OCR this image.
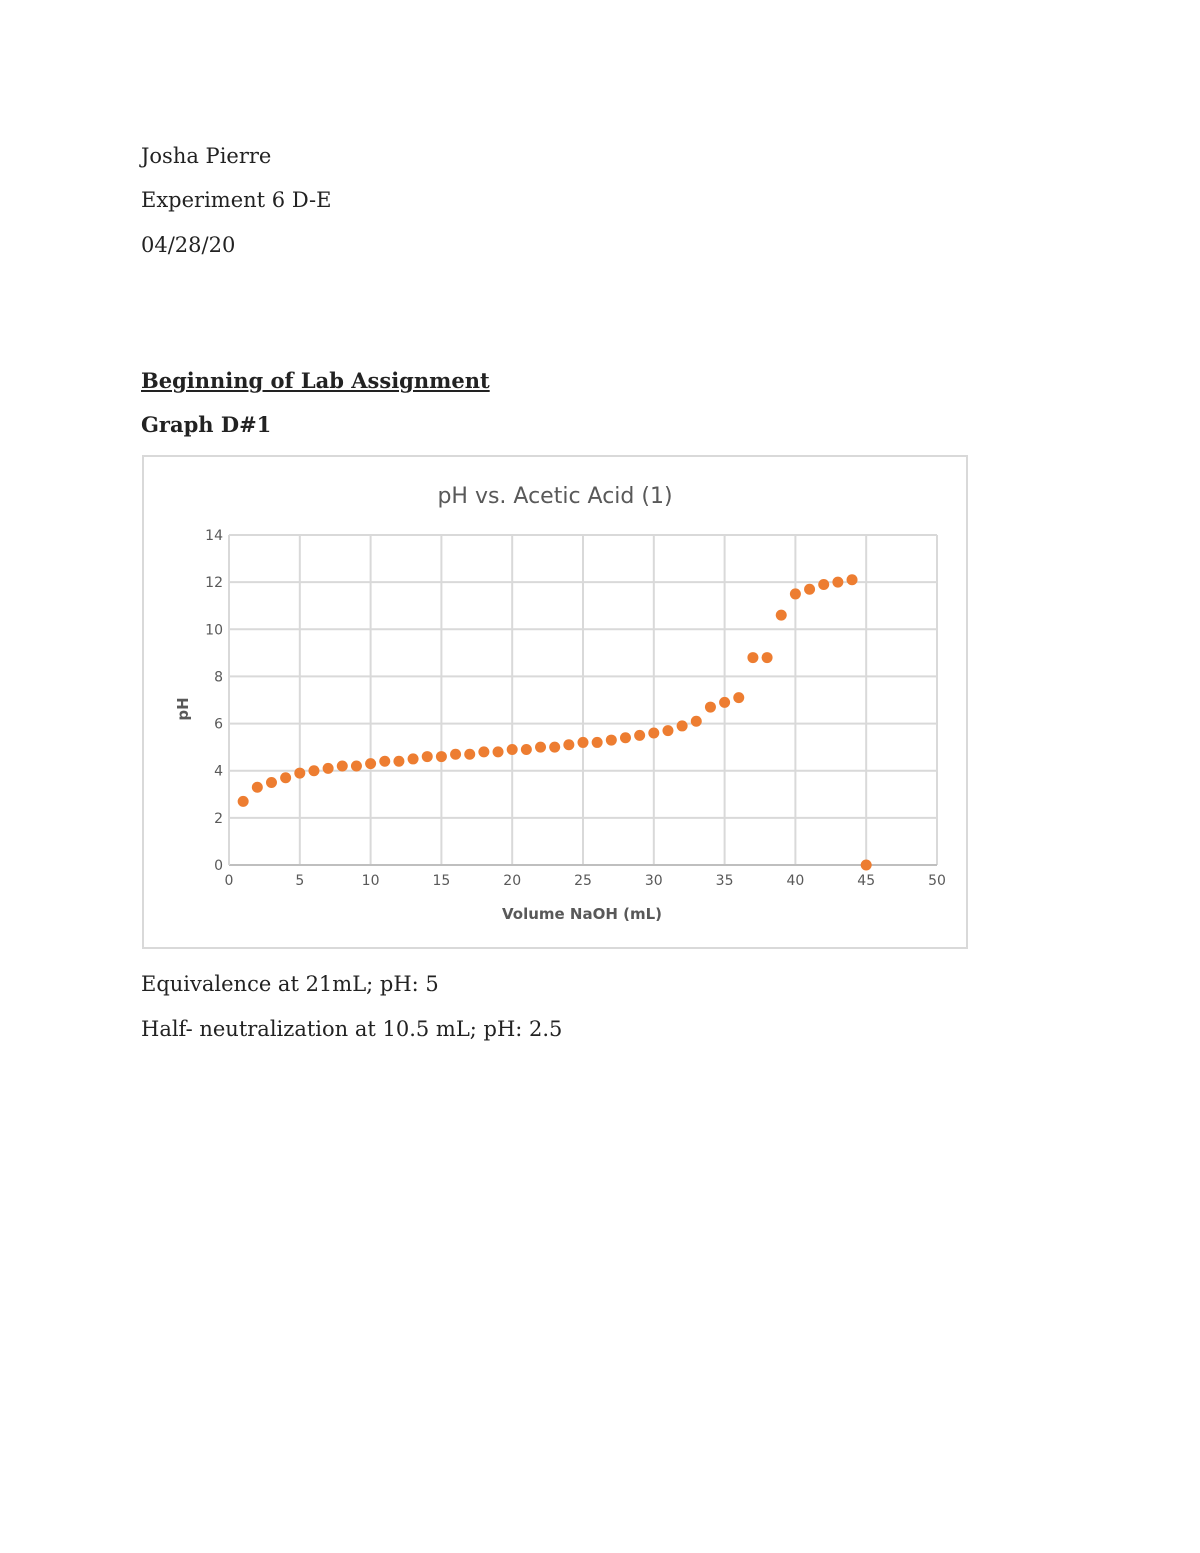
Josha Pierre
Experiment 6 D-E
04/28/20
Beginning of Lab Assignment
Graph D#1
pH vs. Acetic Acid (1)
0	5	10	15	20	25	30	35	40	45	50
0
2
4
6
8
10
12
14
Volume NaOH (mL)
pH
Equivalence at 21mL; pH: 5
Half- neutralization at 10.5 mL; pH: 2.5
